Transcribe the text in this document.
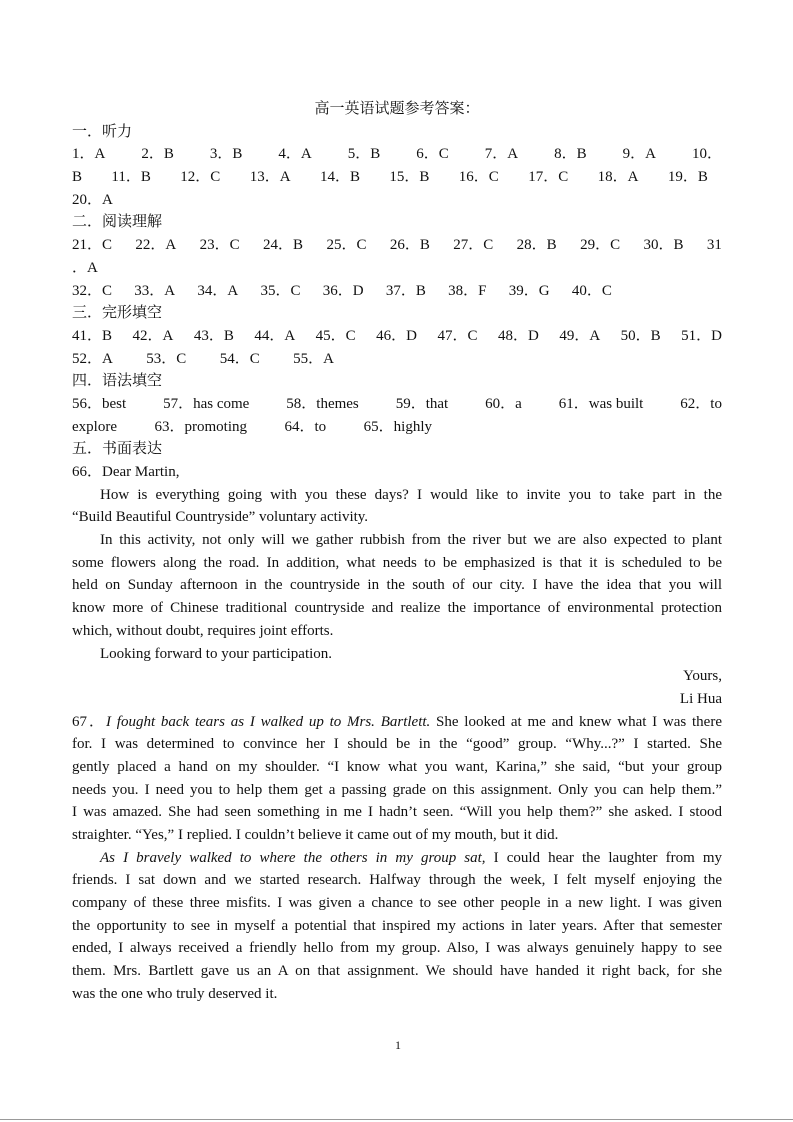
高一英语试题参考答案：
一．听力
1．A 2．B 3．B 4．A 5．B 6．C 7．A 8．B 9．A 10．
B 11．B 12．C 13．A 14．B 15．B 16．C 17．C 18．A 19．B
20．A
二．阅读理解
21．C 22．A 23．C 24．B 25．C 26．B 27．C 28．B 29．C 30．B 31
．A
32．C 33．A 34．A 35．C 36．D 37．B 38．F 39．G 40．C
三．完形填空
41．B 42．A 43．B 44．A 45．C 46．D 47．C 48．D 49．A 50．B 51．D
52．A 53．C 54．C 55．A
四．语法填空
56．best 57．has come 58．themes 59．that 60．a 61．was built 62．to
explore	63．promoting	64．to	65．highly
五．书面表达
66．Dear Martin,
How is everything going with you these days? I would like to invite you to take part in the
“Build Beautiful Countryside” voluntary activity.
In this activity, not only will we gather rubbish from the river but we are also expected to plant
some flowers along the road. In addition, what needs to be emphasized is that it is scheduled to be
held on Sunday afternoon in the countryside in the south of our city. I have the idea that you will
know more of Chinese traditional countryside and realize the importance of environmental protection
which, without doubt, requires joint efforts.
Looking forward to your participation.
Yours,
Li Hua
67．I fought back tears as I walked up to Mrs. Bartlett. She looked at me and knew what I was there
for. I was determined to convince her I should be in the “good” group. “Why...?” I started. She
gently placed a hand on my shoulder. “I know what you want, Karina,” she said, “but your group
needs you. I need you to help them get a passing grade on this assignment. Only you can help them.”
I was amazed. She had seen something in me I hadn’t seen. “Will you help them?” she asked. I stood
straighter. “Yes,” I replied. I couldn’t believe it came out of my mouth, but it did.
As I bravely walked to where the others in my group sat, I could hear the laughter from my
friends. I sat down and we started research. Halfway through the week, I felt myself enjoying the
company of these three misfits. I was given a chance to see other people in a new light. I was given
the opportunity to see in myself a potential that inspired my actions in later years. After that semester
ended, I always received a friendly hello from my group. Also, I was always genuinely happy to see
them. Mrs. Bartlett gave us an A on that assignment. We should have handed it right back, for she
was the one who truly deserved it.
1
